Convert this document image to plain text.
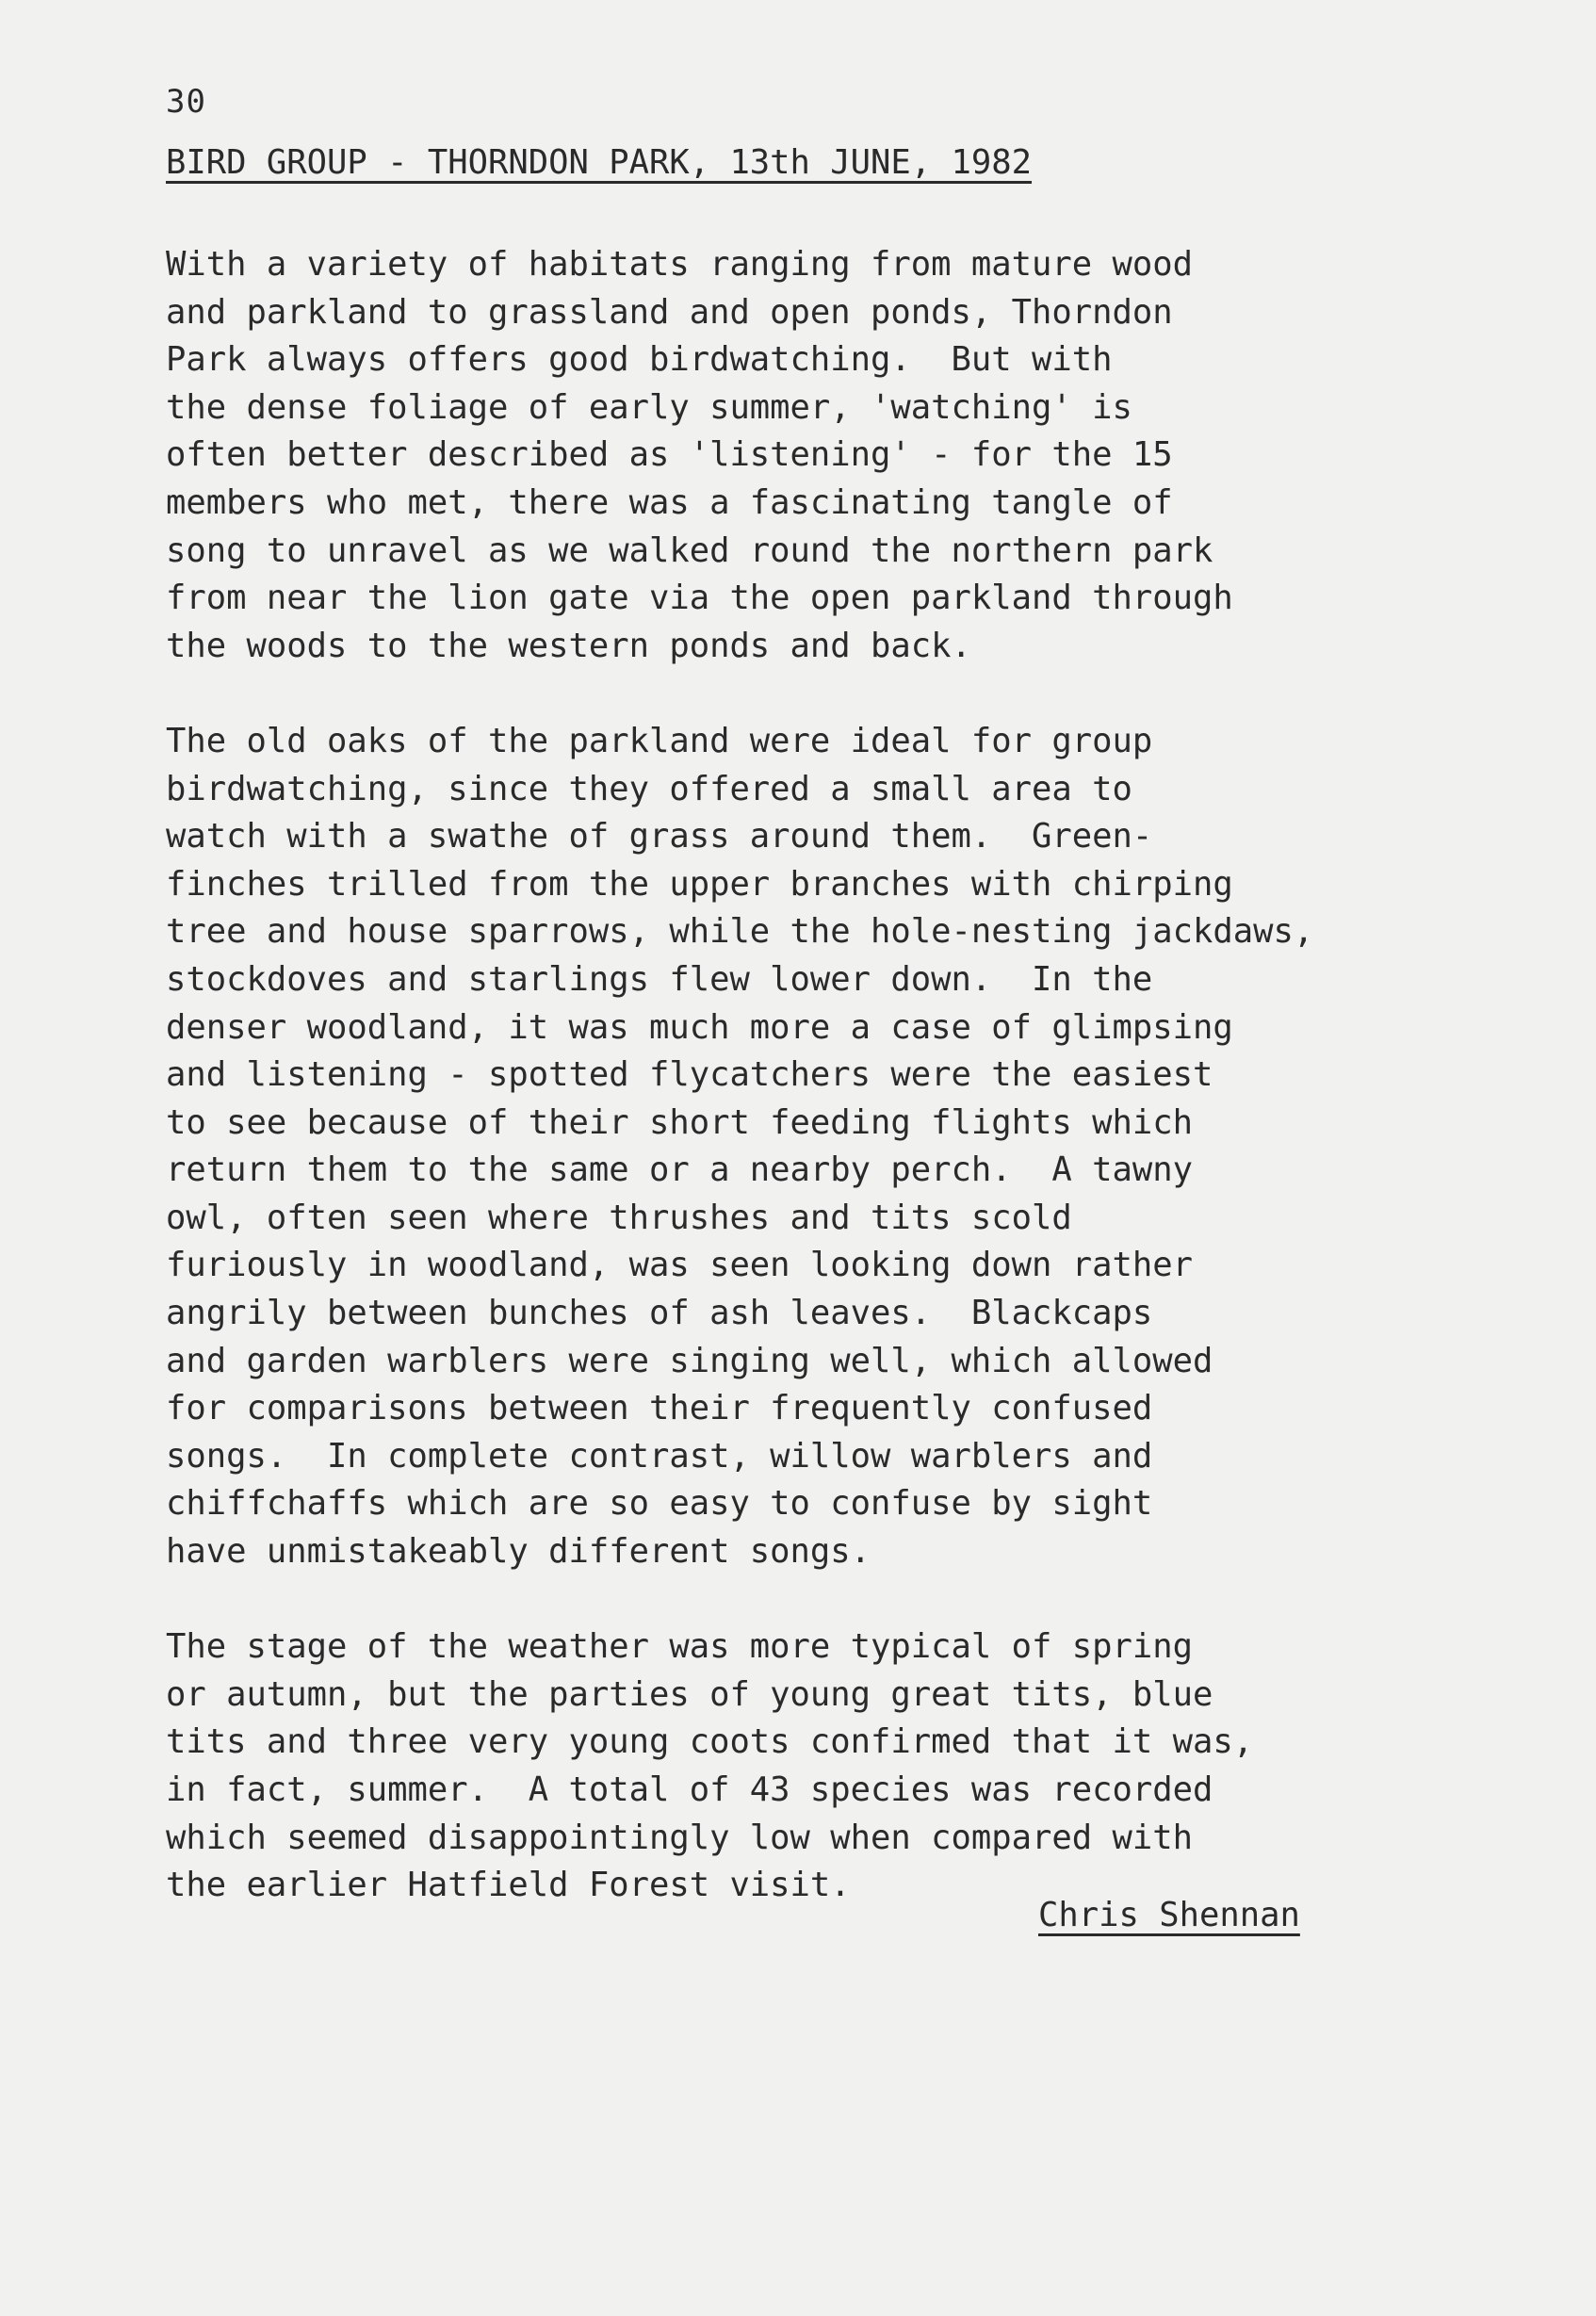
30
BIRD GROUP - THORNDON PARK, 13th JUNE, 1982

With a variety of habitats ranging from mature wood
and parkland to grassland and open ponds, Thorndon
Park always offers good birdwatching.  But with
the dense foliage of early summer, 'watching' is
often better described as 'listening' - for the 15
members who met, there was a fascinating tangle of
song to unravel as we walked round the northern park
from near the lion gate via the open parkland through
the woods to the western ponds and back.

The old oaks of the parkland were ideal for group
birdwatching, since they offered a small area to
watch with a swathe of grass around them.  Green-
finches trilled from the upper branches with chirping
tree and house sparrows, while the hole-nesting jackdaws,
stockdoves and starlings flew lower down.  In the
denser woodland, it was much more a case of glimpsing
and listening - spotted flycatchers were the easiest
to see because of their short feeding flights which
return them to the same or a nearby perch.  A tawny
owl, often seen where thrushes and tits scold
furiously in woodland, was seen looking down rather
angrily between bunches of ash leaves.  Blackcaps
and garden warblers were singing well, which allowed
for comparisons between their frequently confused
songs.  In complete contrast, willow warblers and
chiffchaffs which are so easy to confuse by sight
have unmistakeably different songs.

The stage of the weather was more typical of spring
or autumn, but the parties of young great tits, blue
tits and three very young coots confirmed that it was,
in fact, summer.  A total of 43 species was recorded
which seemed disappointingly low when compared with
the earlier Hatfield Forest visit.

Chris Shennan
